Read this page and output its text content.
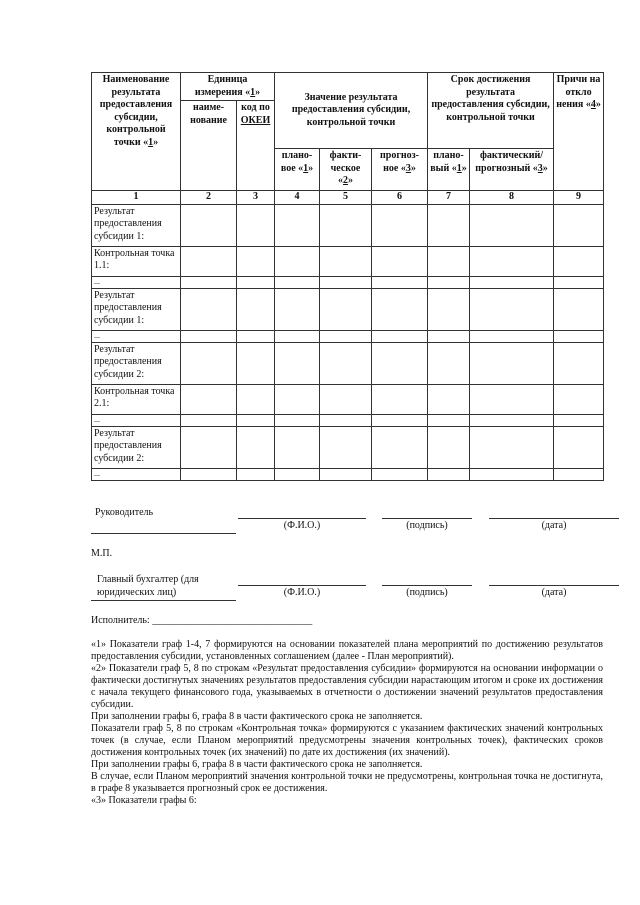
Наименование результата предоставления субсидии, контрольной точки «1»	Единица измерения «1»		Значение результата предоставления субсидии, контрольной точки			Срок достижения результата предоставления субсидии, контрольной точки		Причи на откло нения «4»
	наиме-нование	код по
ОКЕИ						
			плано-вое «1»	факти-ческое «2»	прогноз-ное «3»	плано-вый «1»	фактический/ прогнозный «3»	
1	2	3	4	5	6	7	8	9
Результат предоставления субсидии 1:								
Контрольная точка 1.1:								
...								
Результат предоставления субсидии 1:								
...								
Результат предоставления субсидии 2:								
Контрольная точка 2.1:								
...								
Результат предоставления субсидии 2:								
...								
Руководитель
(Ф.И.О.)	(подпись)	(дата)
М.П.
Главный бухгалтер (для
юридических лиц)	(Ф.И.О.)	(подпись)	(дата)
Исполнитель: ________________________________

«1» Показатели граф 1-4, 7 формируются на основании показателей плана мероприятий по достижению результатов предоставления субсидии, установленных соглашением (далее - План мероприятий).

«2» Показатели граф 5, 8 по строкам «Результат предоставления субсидии» формируются на основании информации о фактически достигнутых значениях результатов предоставления субсидии нарастающим итогом и сроке их достижения с начала текущего финансового года, указываемых в отчетности о достижении значений результатов предоставления субсидии.

При заполнении графы 6, графа 8 в части фактического срока не заполняется.

Показатели граф 5, 8 по строкам «Контрольная точка» формируются с указанием фактических значений контрольных точек (в случае, если Планом мероприятий предусмотрены значения контрольных точек), фактических сроков достижения контрольных точек (их значений) по дате их достижения (их значений).

При заполнении графы 6, графа 8 в части фактического срока не заполняется.

В случае, если Планом мероприятий значения контрольной точки не предусмотрены, контрольная точка не достигнута, в графе 8 указывается прогнозный срок ее достижения.

«3» Показатели графы 6:
